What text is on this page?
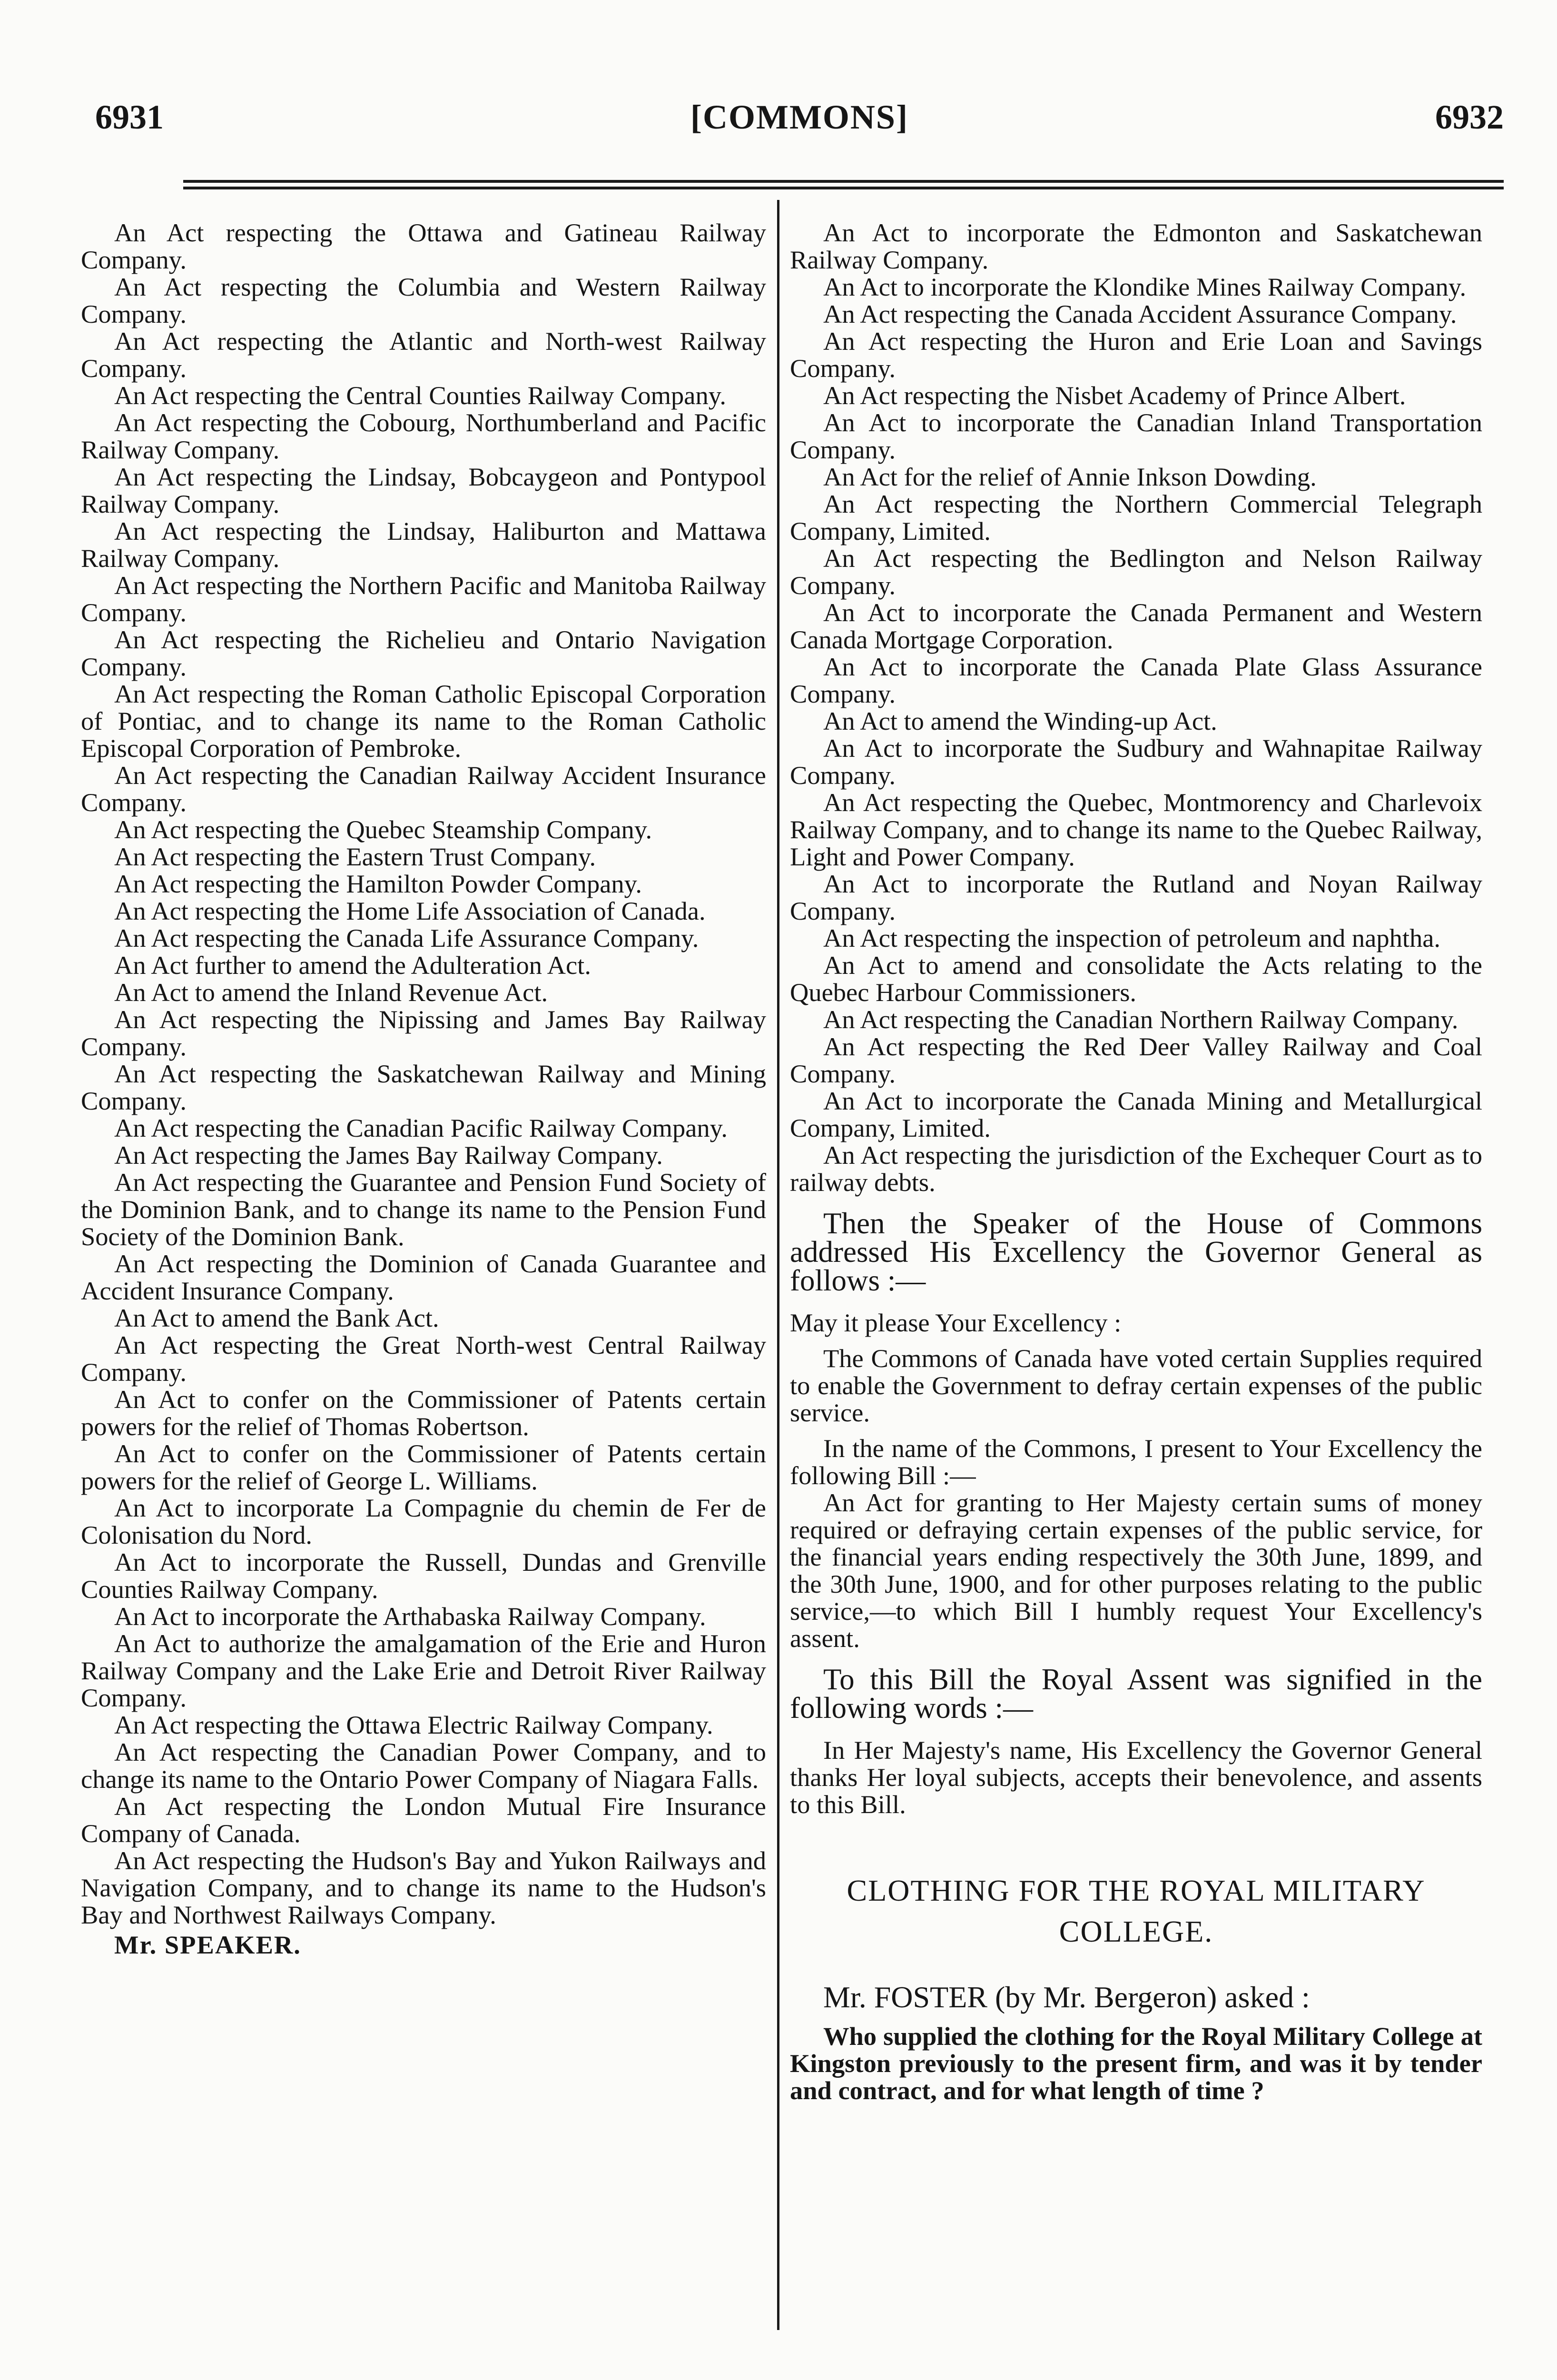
6931	[COMMONS]	6932

An Act respecting the Ottawa and Gatineau Railway Company.

An Act respecting the Columbia and Western Railway Company.

An Act respecting the Atlantic and North-west Railway Company.

An Act respecting the Central Counties Railway Company.

An Act respecting the Cobourg, Northumberland and Pacific Railway Company.

An Act respecting the Lindsay, Bobcaygeon and Pontypool Railway Company.

An Act respecting the Lindsay, Haliburton and Mattawa Railway Company.

An Act respecting the Northern Pacific and Manitoba Railway Company.

An Act respecting the Richelieu and Ontario Navigation Company.

An Act respecting the Roman Catholic Episcopal Corporation of Pontiac, and to change its name to the Roman Catholic Episcopal Corporation of Pembroke.

An Act respecting the Canadian Railway Accident Insurance Company.

An Act respecting the Quebec Steamship Company.

An Act respecting the Eastern Trust Company.

An Act respecting the Hamilton Powder Company.

An Act respecting the Home Life Association of Canada.

An Act respecting the Canada Life Assurance Company.

An Act further to amend the Adulteration Act.

An Act to amend the Inland Revenue Act.

An Act respecting the Nipissing and James Bay Railway Company.

An Act respecting the Saskatchewan Railway and Mining Company.

An Act respecting the Canadian Pacific Railway Company.

An Act respecting the James Bay Railway Company.

An Act respecting the Guarantee and Pension Fund Society of the Dominion Bank, and to change its name to the Pension Fund Society of the Dominion Bank.

An Act respecting the Dominion of Canada Guarantee and Accident Insurance Company.

An Act to amend the Bank Act.

An Act respecting the Great North-west Central Railway Company.

An Act to confer on the Commissioner of Patents certain powers for the relief of Thomas Robertson.

An Act to confer on the Commissioner of Patents certain powers for the relief of George L. Williams.

An Act to incorporate La Compagnie du chemin de Fer de Colonisation du Nord.

An Act to incorporate the Russell, Dundas and Grenville Counties Railway Company.

An Act to incorporate the Arthabaska Railway Company.

An Act to authorize the amalgamation of the Erie and Huron Railway Company and the Lake Erie and Detroit River Railway Company.

An Act respecting the Ottawa Electric Railway Company.

An Act respecting the Canadian Power Company, and to change its name to the Ontario Power Company of Niagara Falls.

An Act respecting the London Mutual Fire Insurance Company of Canada.

An Act respecting the Hudson's Bay and Yukon Railways and Navigation Company, and to change its name to the Hudson's Bay and Northwest Railways Company.

Mr. SPEAKER.

An Act to incorporate the Edmonton and Saskatchewan Railway Company.

An Act to incorporate the Klondike Mines Railway Company.

An Act respecting the Canada Accident Assurance Company.

An Act respecting the Huron and Erie Loan and Savings Company.

An Act respecting the Nisbet Academy of Prince Albert.

An Act to incorporate the Canadian Inland Transportation Company.

An Act for the relief of Annie Inkson Dowding.

An Act respecting the Northern Commercial Telegraph Company, Limited.

An Act respecting the Bedlington and Nelson Railway Company.

An Act to incorporate the Canada Permanent and Western Canada Mortgage Corporation.

An Act to incorporate the Canada Plate Glass Assurance Company.

An Act to amend the Winding-up Act.

An Act to incorporate the Sudbury and Wahnapitae Railway Company.

An Act respecting the Quebec, Montmorency and Charlevoix Railway Company, and to change its name to the Quebec Railway, Light and Power Company.

An Act to incorporate the Rutland and Noyan Railway Company.

An Act respecting the inspection of petroleum and naphtha.

An Act to amend and consolidate the Acts relating to the Quebec Harbour Commissioners.

An Act respecting the Canadian Northern Railway Company.

An Act respecting the Red Deer Valley Railway and Coal Company.

An Act to incorporate the Canada Mining and Metallurgical Company, Limited.

An Act respecting the jurisdiction of the Exchequer Court as to railway debts.

Then the Speaker of the House of Commons addressed His Excellency the Governor General as follows :—

May it please Your Excellency :

The Commons of Canada have voted certain Supplies required to enable the Government to defray certain expenses of the public service.

In the name of the Commons, I present to Your Excellency the following Bill :—

An Act for granting to Her Majesty certain sums of money required or defraying certain expenses of the public service, for the financial years ending respectively the 30th June, 1899, and the 30th June, 1900, and for other purposes relating to the public service,—to which Bill I humbly request Your Excellency's assent.

To this Bill the Royal Assent was signified in the following words :—

In Her Majesty's name, His Excellency the Governor General thanks Her loyal subjects, accepts their benevolence, and assents to this Bill.

CLOTHING FOR THE ROYAL MILITARY COLLEGE.

Mr. FOSTER (by Mr. Bergeron) asked :

Who supplied the clothing for the Royal Military College at Kingston previously to the present firm, and was it by tender and contract, and for what length of time ?
